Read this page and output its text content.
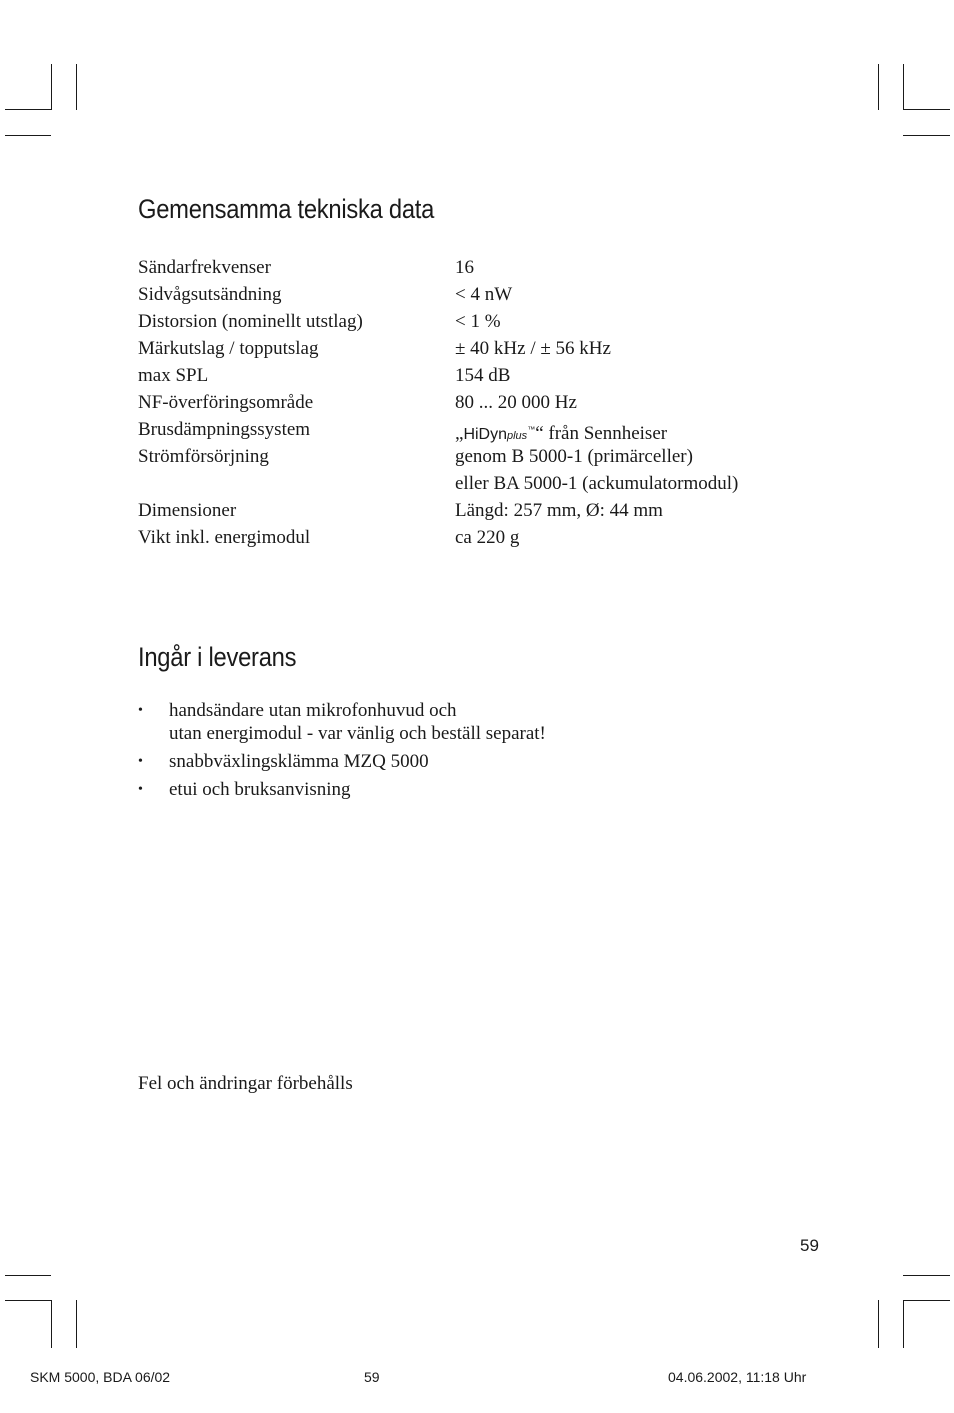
Gemensamma tekniska data
Sändarfrekvenser	16
Sidvågsutsändning	< 4 nW
Distorsion (nominellt utstlag)	< 1 %
Märkutslag / topputslag	± 40 kHz / ± 56 kHz
max SPL	154 dB
NF-överföringsområde	80 ... 20 000 Hz
Brusdämpningssystem	„HiDynplus™“ från Sennheiser
Strömförsörjning	genom B 5000-1 (primärceller)
eller BA 5000-1 (ackumulatormodul)
Dimensioner	Längd: 257 mm, Ø: 44 mm
Vikt inkl. energimodul	ca 220 g
Ingår i leverans
• handsändare utan mikrofonhuvud och
utan energimodul - var vänlig och beställ separat!
• snabbväxlingsklämma MZQ 5000
• etui och bruksanvisning
Fel och ändringar förbehålls
59
SKM 5000, BDA 06/02	59	04.06.2002, 11:18 Uhr
